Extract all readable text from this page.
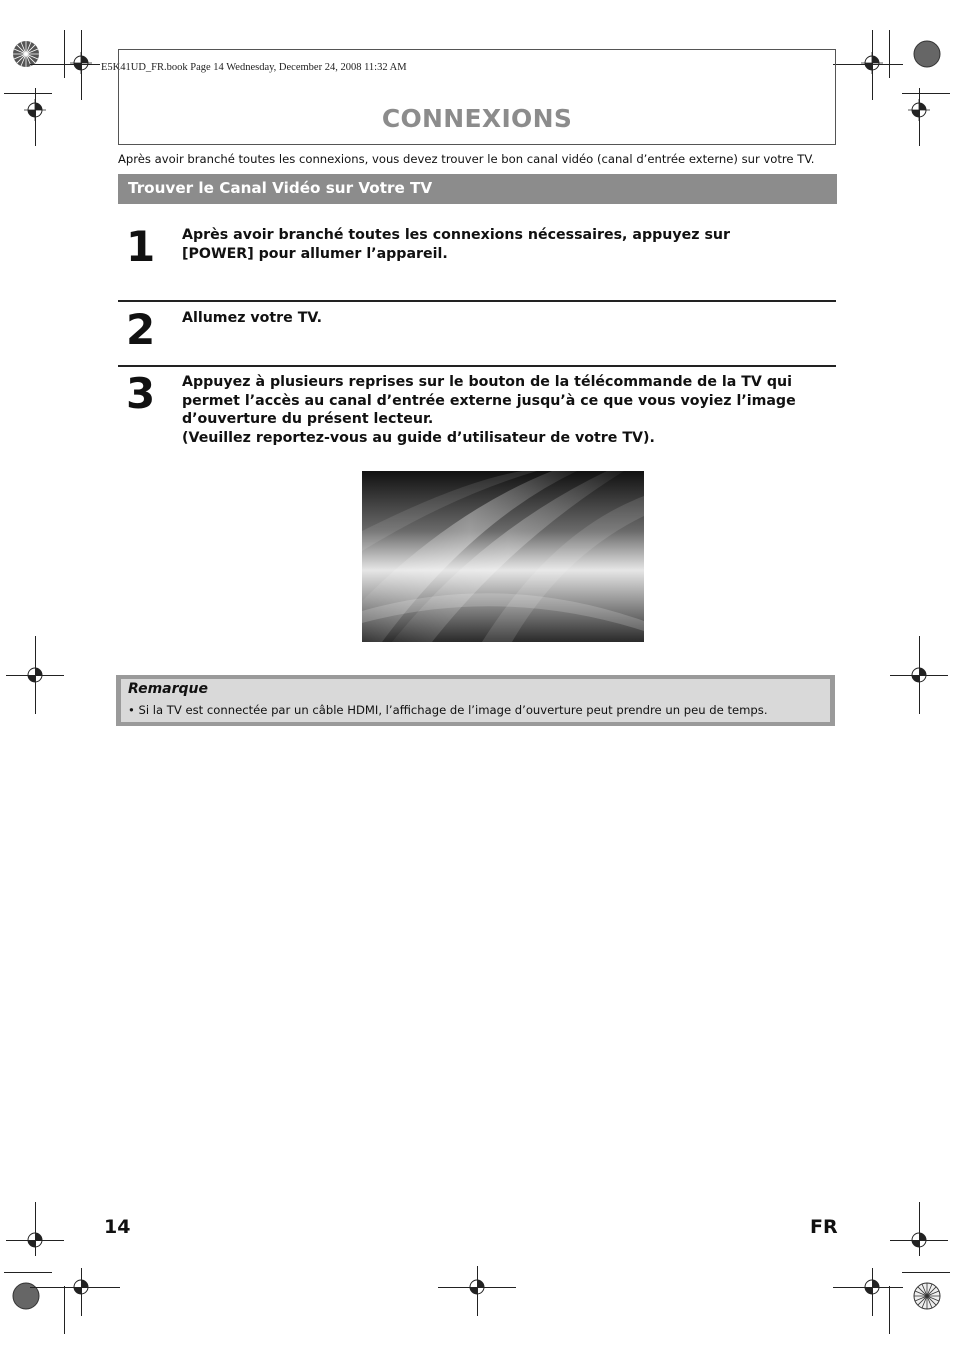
E5K41UD_FR.book Page 14 Wednesday, December 24, 2008 11:32 AM
CONNEXIONS
Après avoir branché toutes les connexions, vous devez trouver le bon canal vidéo (canal d’entrée externe) sur votre TV.
Trouver le Canal Vidéo sur Votre TV
1 Après avoir branché toutes les connexions nécessaires, appuyez sur
[POWER] pour allumer l’appareil.
2 Allumez votre TV.
3 Appuyez à plusieurs reprises sur le bouton de la télécommande de la TV qui
permet l’accès au canal d’entrée externe jusqu’à ce que vous voyiez l’image
d’ouverture du présent lecteur.
(Veuillez reportez-vous au guide d’utilisateur de votre TV).
Remarque
• Si la TV est connectée par un câble HDMI, l’affichage de l’image d’ouverture peut prendre un peu de temps.
14	FR
